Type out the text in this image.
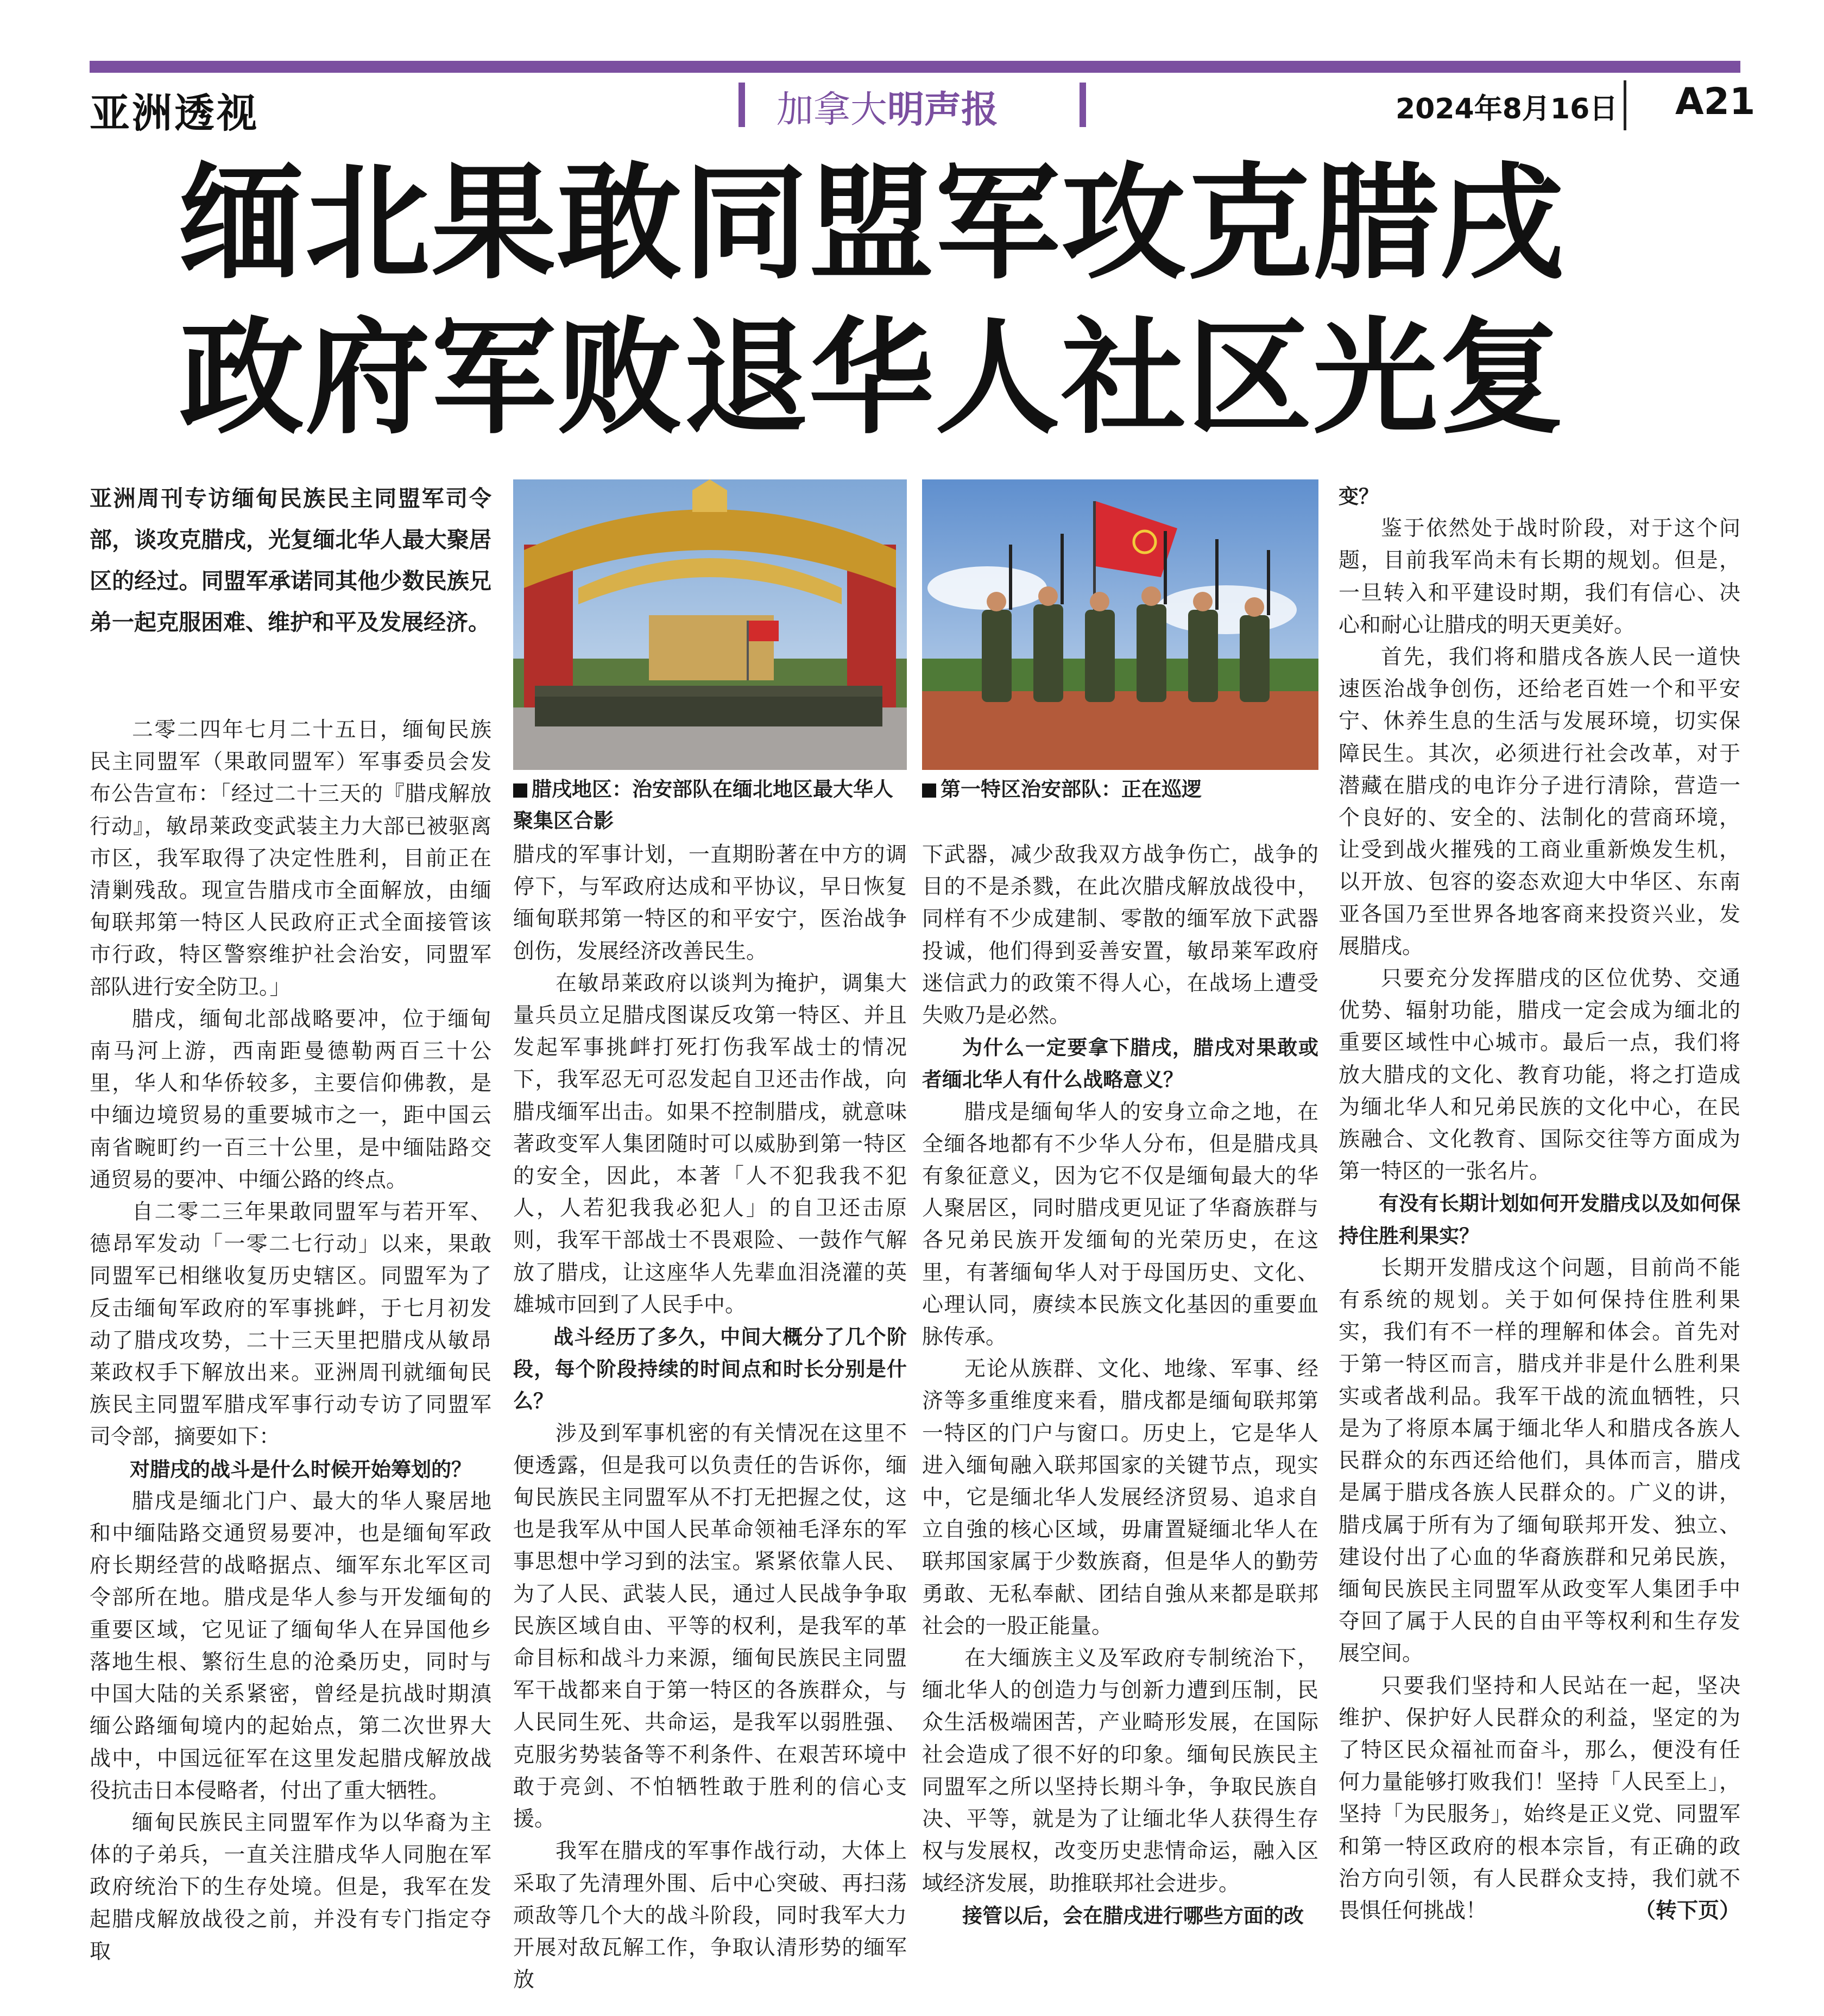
亚洲透视	加拿大明声报	2024年8月16日 A21
缅北果敢同盟军攻克腊戌
政府军败退华人社区光复
亚洲周刊专访缅甸民族民主同盟军司令部，谈攻克腊戌，光复缅北华人最大聚居区的经过。同盟军承诺同其他少数民族兄弟一起克服困难、维护和平及发展经济。
腊戌地区：治安部队在缅北地区最大华人聚集区合影
第一特区治安部队：正在巡逻

二零二四年七月二十五日，缅甸民族民主同盟军（果敢同盟军）军事委员会发布公告宣布：「经过二十三天的『腊戌解放行动』，敏昂莱政变武装主力大部已被驱离市区，我军取得了决定性胜利，目前正在清剿残敌。现宣告腊戌市全面解放，由缅甸联邦第一特区人民政府正式全面接管该市行政，特区警察维护社会治安，同盟军部队进行安全防卫。」

腊戌，缅甸北部战略要冲，位于缅甸南马河上游，西南距曼德勒两百三十公里，华人和华侨较多，主要信仰佛教，是中缅边境贸易的重要城市之一，距中国云南省畹町约一百三十公里，是中缅陆路交通贸易的要冲、中缅公路的终点。

自二零二三年果敢同盟军与若开军、德昂军发动「一零二七行动」以来，果敢同盟军已相继收复历史辖区。同盟军为了反击缅甸军政府的军事挑衅，于七月初发动了腊戌攻势，二十三天里把腊戌从敏昂莱政权手下解放出来。亚洲周刊就缅甸民族民主同盟军腊戌军事行动专访了同盟军司令部，摘要如下：

对腊戌的战斗是什么时候开始筹划的？

腊戌是缅北门户、最大的华人聚居地和中缅陆路交通贸易要冲，也是缅甸军政府长期经营的战略据点、缅军东北军区司令部所在地。腊戌是华人参与开发缅甸的重要区域，它见证了缅甸华人在异国他乡落地生根、繁衍生息的沧桑历史，同时与中国大陆的关系紧密，曾经是抗战时期滇缅公路缅甸境内的起始点，第二次世界大战中，中国远征军在这里发起腊戌解放战役抗击日本侵略者，付出了重大牺牲。

缅甸民族民主同盟军作为以华裔为主体的子弟兵，一直关注腊戌华人同胞在军政府统治下的生存处境。但是，我军在发起腊戌解放战役之前，并没有专门指定夺取

腊戌的军事计划，一直期盼著在中方的调停下，与军政府达成和平协议，早日恢复缅甸联邦第一特区的和平安宁，医治战争创伤，发展经济改善民生。

在敏昂莱政府以谈判为掩护，调集大量兵员立足腊戌图谋反攻第一特区、并且发起军事挑衅打死打伤我军战士的情况下，我军忍无可忍发起自卫还击作战，向腊戌缅军出击。如果不控制腊戌，就意味著政变军人集团随时可以威胁到第一特区的安全，因此，本著「人不犯我我不犯人，人若犯我我必犯人」的自卫还击原则，我军干部战士不畏艰险、一鼓作气解放了腊戌，让这座华人先辈血泪浇灌的英雄城市回到了人民手中。

战斗经历了多久，中间大概分了几个阶段，每个阶段持续的时间点和时长分别是什么？

涉及到军事机密的有关情况在这里不便透露，但是我可以负责任的告诉你，缅甸民族民主同盟军从不打无把握之仗，这也是我军从中国人民革命领袖毛泽东的军事思想中学习到的法宝。紧紧依靠人民、为了人民、武装人民，通过人民战争争取民族区域自由、平等的权利，是我军的革命目标和战斗力来源，缅甸民族民主同盟军干战都来自于第一特区的各族群众，与人民同生死、共命运，是我军以弱胜强、克服劣势装备等不利条件、在艰苦环境中敢于亮剑、不怕牺牲敢于胜利的信心支援。

我军在腊戌的军事作战行动，大体上采取了先清理外围、后中心突破、再扫荡顽敌等几个大的战斗阶段，同时我军大力开展对敌瓦解工作，争取认清形势的缅军放

下武器，减少敌我双方战争伤亡，战争的目的不是杀戮，在此次腊戌解放战役中，同样有不少成建制、零散的缅军放下武器投诚，他们得到妥善安置，敏昂莱军政府迷信武力的政策不得人心，在战场上遭受失败乃是必然。

为什么一定要拿下腊戌，腊戌对果敢或者缅北华人有什么战略意义？

腊戌是缅甸华人的安身立命之地，在全缅各地都有不少华人分布，但是腊戌具有象征意义，因为它不仅是缅甸最大的华人聚居区，同时腊戌更见证了华裔族群与各兄弟民族开发缅甸的光荣历史，在这里，有著缅甸华人对于母国历史、文化、心理认同，赓续本民族文化基因的重要血脉传承。

无论从族群、文化、地缘、军事、经济等多重维度来看，腊戌都是缅甸联邦第一特区的门户与窗口。历史上，它是华人进入缅甸融入联邦国家的关键节点，现实中，它是缅北华人发展经济贸易、追求自立自強的核心区域，毋庸置疑缅北华人在联邦国家属于少数族裔，但是华人的勤劳勇敢、无私奉献、团结自強从来都是联邦社会的一股正能量。

在大缅族主义及军政府专制统治下，缅北华人的创造力与创新力遭到压制，民众生活极端困苦，产业畸形发展，在国际社会造成了很不好的印象。缅甸民族民主同盟军之所以坚持长期斗争，争取民族自决、平等，就是为了让缅北华人获得生存权与发展权，改变历史悲情命运，融入区域经济发展，助推联邦社会进步。

接管以后，会在腊戌进行哪些方面的改

变？

鉴于依然处于战时阶段，对于这个问题，目前我军尚未有长期的规划。但是，一旦转入和平建设时期，我们有信心、决心和耐心让腊戌的明天更美好。

首先，我们将和腊戌各族人民一道快速医治战争创伤，还给老百姓一个和平安宁、休养生息的生活与发展环境，切实保障民生。其次，必须进行社会改革，对于潜藏在腊戌的电诈分子进行清除，营造一个良好的、安全的、法制化的营商环境，让受到战火摧残的工商业重新焕发生机，以开放、包容的姿态欢迎大中华区、东南亚各国乃至世界各地客商来投资兴业，发展腊戌。

只要充分发挥腊戌的区位优势、交通优势、辐射功能，腊戌一定会成为缅北的重要区域性中心城市。最后一点，我们将放大腊戌的文化、教育功能，将之打造成为缅北华人和兄弟民族的文化中心，在民族融合、文化教育、国际交往等方面成为第一特区的一张名片。

有没有长期计划如何开发腊戌以及如何保持住胜利果实？

长期开发腊戌这个问题，目前尚不能有系统的规划。关于如何保持住胜利果实，我们有不一样的理解和体会。首先对于第一特区而言，腊戌并非是什么胜利果实或者战利品。我军干战的流血牺牲，只是为了将原本属于缅北华人和腊戌各族人民群众的东西还给他们，具体而言，腊戌是属于腊戌各族人民群众的。广义的讲，腊戌属于所有为了缅甸联邦开发、独立、建设付出了心血的华裔族群和兄弟民族，缅甸民族民主同盟军从政变军人集团手中夺回了属于人民的自由平等权利和生存发展空间。

只要我们坚持和人民站在一起，坚决维护、保护好人民群众的利益，坚定的为了特区民众福祉而奋斗，那么，便没有任何力量能够打败我们！坚持「人民至上」，坚持「为民服务」，始终是正义党、同盟军和第一特区政府的根本宗旨，有正确的政治方向引领，有人民群众支持，我们就不畏惧任何挑战！	（转下页）
